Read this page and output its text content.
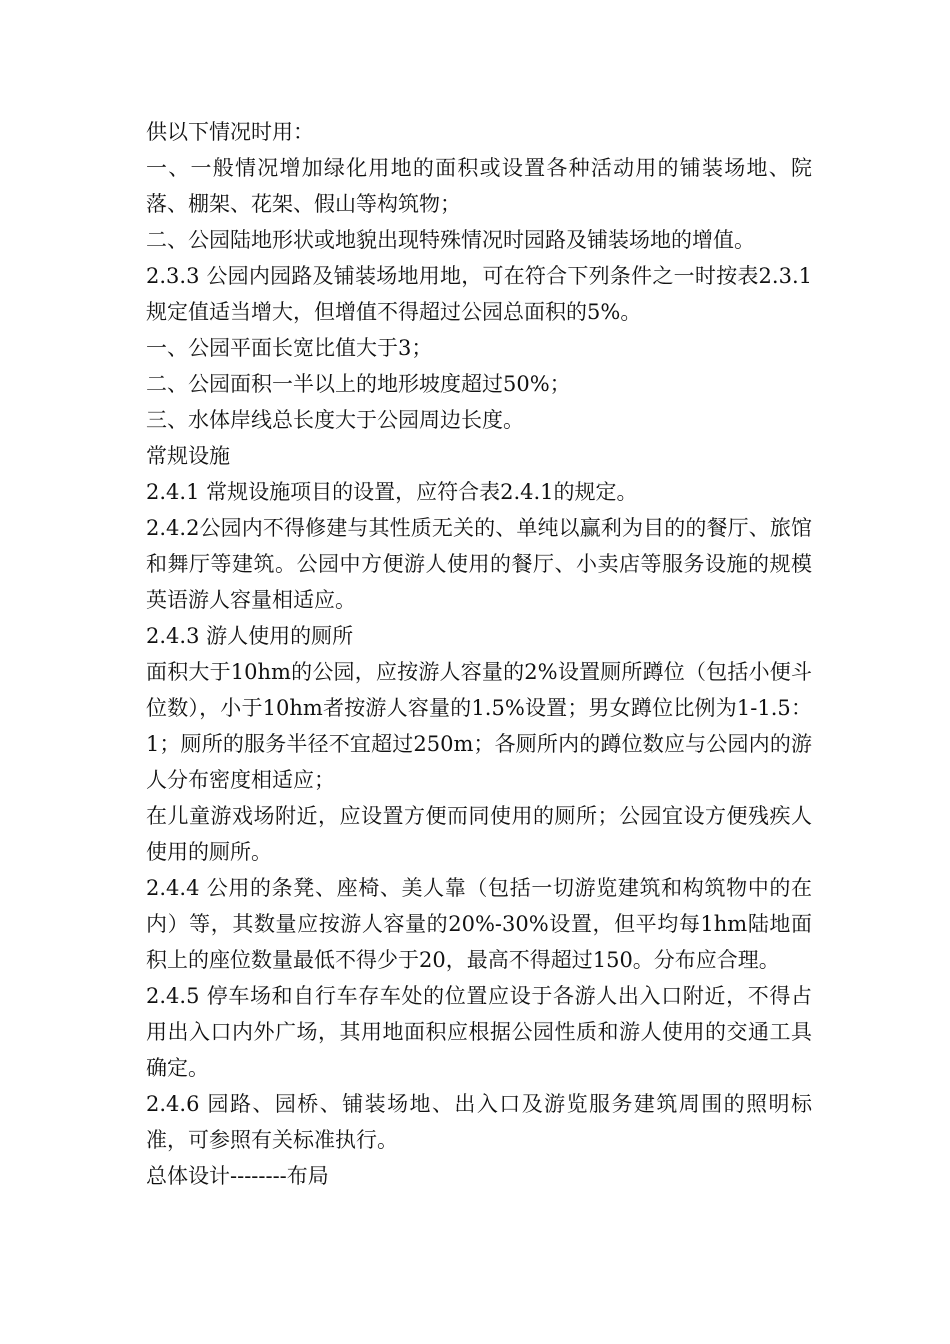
供以下情况时用：

一、一般情况增加绿化用地的面积或设置各种活动用的铺装场地、院落、棚架、花架、假山等构筑物；

二、公园陆地形状或地貌出现特殊情况时园路及铺装场地的增值。

2.3.3 公园内园路及铺装场地用地，可在符合下列条件之一时按表2.3.1规定值适当增大，但增值不得超过公园总面积的5%。

一、公园平面长宽比值大于3；

二、公园面积一半以上的地形坡度超过50%；

三、水体岸线总长度大于公园周边长度。

常规设施

2.4.1 常规设施项目的设置，应符合表2.4.1的规定。

2.4.2公园内不得修建与其性质无关的、单纯以赢利为目的的餐厅、旅馆和舞厅等建筑。公园中方便游人使用的餐厅、小卖店等服务设施的规模英语游人容量相适应。

2.4.3 游人使用的厕所

面积大于10hm的公园，应按游人容量的2%设置厕所蹲位（包括小便斗位数），小于10hm者按游人容量的1.5%设置；男女蹲位比例为1-1.5：1；厕所的服务半径不宜超过250m；各厕所内的蹲位数应与公园内的游人分布密度相适应；

在儿童游戏场附近，应设置方便而同使用的厕所；公园宜设方便残疾人使用的厕所。

2.4.4 公用的条凳、座椅、美人靠（包括一切游览建筑和构筑物中的在内）等，其数量应按游人容量的20%-30%设置，但平均每1hm陆地面积上的座位数量最低不得少于20，最高不得超过150。分布应合理。

2.4.5 停车场和自行车存车处的位置应设于各游人出入口附近，不得占用出入口内外广场，其用地面积应根据公园性质和游人使用的交通工具确定。

2.4.6 园路、园桥、铺装场地、出入口及游览服务建筑周围的照明标准，可参照有关标准执行。

总体设计--------布局
